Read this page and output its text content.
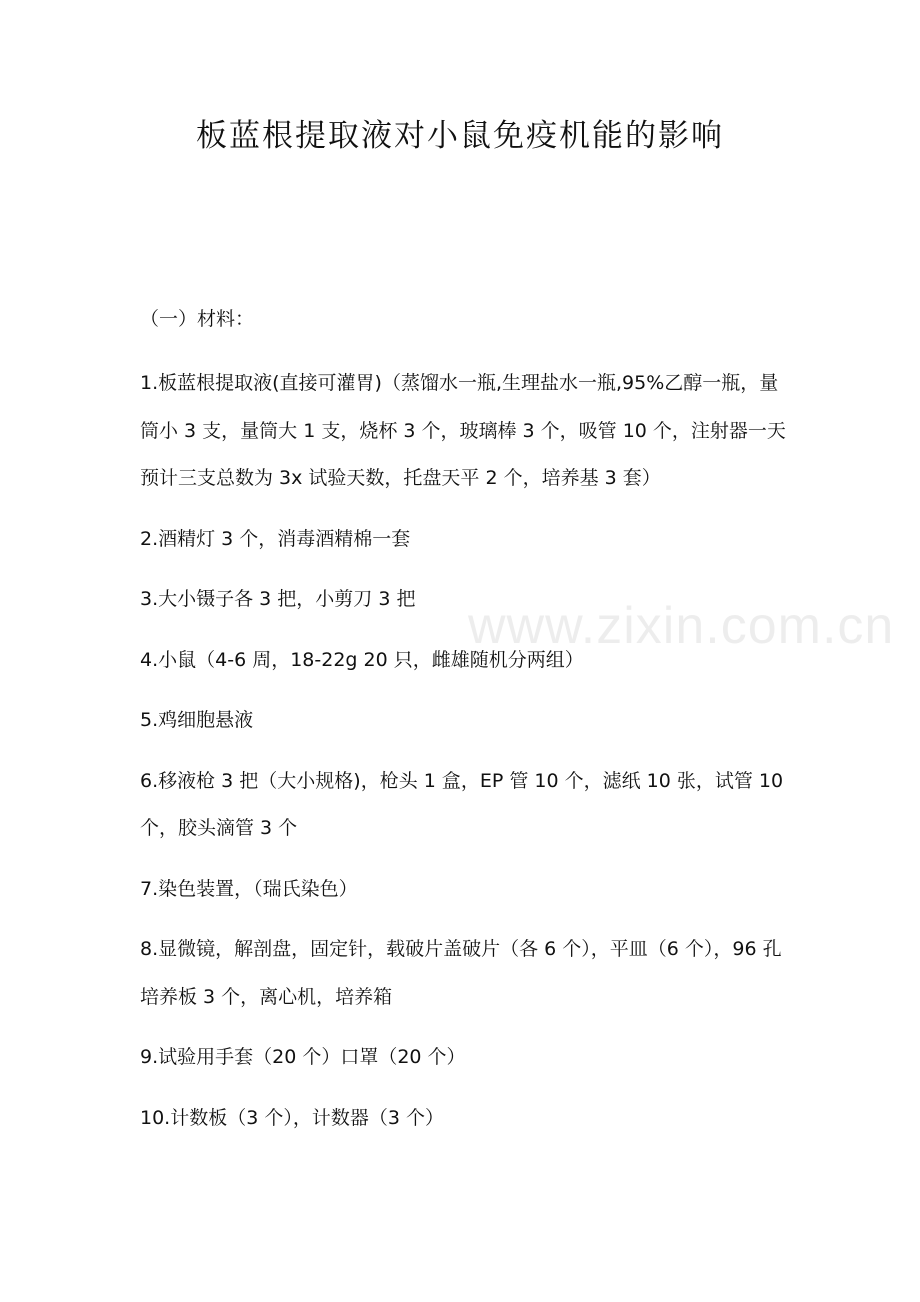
板蓝根提取液对小鼠免疫机能的影响

（一）材料：

1.板蓝根提取液(直接可灌胃)（蒸馏水一瓶,生理盐水一瓶,95%乙醇一瓶，量筒小 3 支，量筒大 1 支，烧杯 3 个，玻璃棒 3 个，吸管 10 个，注射器一天预计三支总数为 3x 试验天数，托盘天平 2 个，培养基 3 套）
2.酒精灯 3 个，消毒酒精棉一套
3.大小镊子各 3 把，小剪刀 3 把
4.小鼠（4-6 周，18-22g 20 只，雌雄随机分两组）
5.鸡细胞悬液
6.移液枪 3 把（大小规格)，枪头 1 盒，EP 管 10 个，滤纸 10 张，试管 10 个，胶头滴管 3 个
7.染色装置，（瑞氏染色）
8.显微镜，解剖盘，固定针，载破片盖破片（各 6 个），平皿（6 个），96 孔培养板 3 个，离心机，培养箱
9.试验用手套（20 个）口罩（20 个）
10.计数板（3 个），计数器（3 个）
www.zixin.com.cn
